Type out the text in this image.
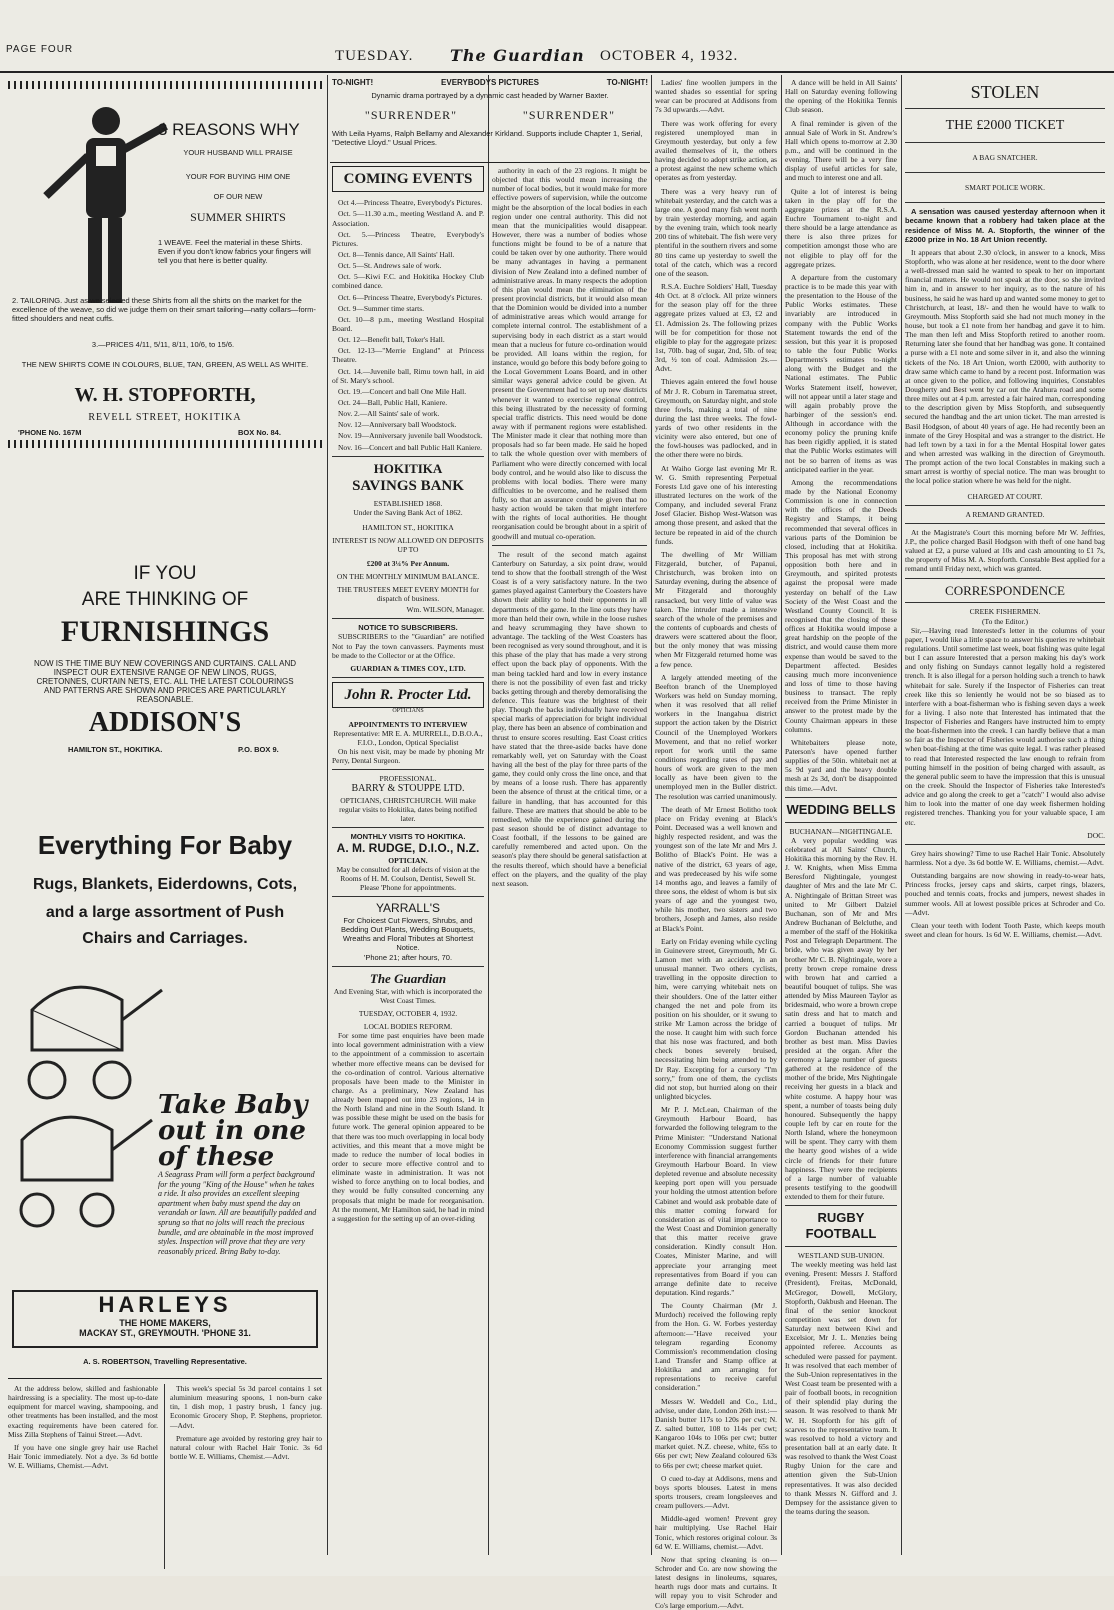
PAGE FOUR	TUESDAY. The Guardian OCTOBER 4, 1932.
3 REASONS WHY
YOUR HUSBAND WILL PRAISE
YOUR FOR BUYING HIM ONE
OF OUR NEW
SUMMER SHIRTS
1 WEAVE. Feel the material in these Shirts. Even if you don't know fabrics your fingers will tell you that here is better quality.
2. TAILORING. Just as we selected these Shirts from all the shirts on the market for the excellence of the weave, so did we judge them on their smart tailoring—natty collars—form-fitted shoulders and neat cuffs.
3.—PRICES 4/11, 5/11, 8/11, 10/6, to 15/6.
THE NEW SHIRTS COME IN COLOURS, BLUE, TAN, GREEN, AS WELL AS WHITE.
W. H. STOPFORTH,
REVELL STREET, HOKITIKA
'PHONE No. 167M	BOX No. 84.
IF YOU
ARE THINKING OF
FURNISHINGS
NOW IS THE TIME BUY NEW COVERINGS AND CURTAINS. CALL AND INSPECT OUR EXTENSIVE RANGE OF NEW LINOS, RUGS, CRETONNES, CURTAIN NETS, ETC. ALL THE LATEST COLOURINGS AND PATTERNS ARE SHOWN AND PRICES ARE PARTICULARLY REASONABLE.
ADDISON'S
HAMILTON ST., HOKITIKA.	P.O. BOX 9.
Everything For Baby
Rugs, Blankets, Eiderdowns, Cots,
and a large assortment of Push
Chairs and Carriages.
Take Baby out in one of these
A Seagrass Pram will form a perfect background for the young "King of the House" when he takes a ride. It also provides an excellent sleeping apartment when baby must spend the day on verandah or lawn. All are beautifully padded and sprung so that no jolts will reach the precious bundle, and are obtainable in the most improved styles. Inspection will prove that they are very reasonably priced. Bring Baby to-day.
HARLEYS
THE HOME MAKERS,
MACKAY ST., GREYMOUTH. 'PHONE 31.
A. S. ROBERTSON, Travelling Representative.

At the address below, skilled and fashionable hairdressing is a speciality. The most up-to-date equipment for marcel waving, shampooing, and other treatments has been installed, and the most exacting requirements have been catered for. Miss Zilla Stephens of Tainui Street.—Advt.

If you have one single grey hair use Rachel Hair Tonic immediately. Not a dye. 3s 6d bottle W. E. Williams, Chemist.—Advt.

This week's special 5s 3d parcel contains 1 set aluminium measuring spoons, 1 non-burn cake tin, 1 dish mop, 1 pastry brush, 1 fancy jug. Economic Grocery Shop, P. Stephens, proprietor.—Advt.

Premature age avoided by restoring grey hair to natural colour with Rachel Hair Tonic. 3s 6d bottle W. E. Williams, Chemist.—Advt.

TO-NIGHT!	EVERYBODYS PICTURES	TO-NIGHT!
Dynamic drama portrayed by a dynamic cast headed by Warner Baxter.
"SURRENDER"	"SURRENDER"
With Leila Hyams, Ralph Bellamy and Alexander Kirkland. Supports include Chapter 1, Serial, "Detective Lloyd." Usual Prices.
COMING EVENTS

Oct 4.—Princess Theatre, Everybody's Pictures.

Oct. 5—11.30 a.m., meeting Westland A. and P. Association.

Oct. 5.—Princess Theatre, Everybody's Pictures.

Oct. 8—Tennis dance, All Saints' Hall.

Oct. 5—St. Andrews sale of work.

Oct. 5—Kiwi F.C. and Hokitika Hockey Club combined dance.

Oct. 6—Princess Theatre, Everybody's Pictures.

Oct. 9—Summer time starts.

Oct. 10—8 p.m., meeting Westland Hospital Board.

Oct. 12—Benefit ball, Toker's Hall.

Oct. 12-13—"Merrie England" at Princess Theatre.

Oct. 14.—Juvenile ball, Rimu town hall, in aid of St. Mary's school.

Oct. 19.—Concert and ball One Mile Hall.

Oct. 24—Ball, Public Hall, Kaniere.

Nov. 2.—All Saints' sale of work.

Nov. 12—Anniversary ball Woodstock.

Nov. 19—Anniversary juvenile ball Woodstock.

Nov. 16—Concert and ball Public Hall Kaniere.

HOKITIKA
SAVINGS BANK
ESTABLISHED 1868.
Under the Saving Bank Act of 1862.
HAMILTON ST., HOKITIKA
INTEREST IS NOW ALLOWED ON DEPOSITS UP TO
£200 at 3¼% Per Annum.
ON THE MONTHLY MINIMUM BALANCE.
THE TRUSTEES MEET EVERY MONTH for dispatch of business.
Wm. WILSON, Manager.
NOTICE TO SUBSCRIBERS.

SUBSCRIBERS to the "Guardian" are notified Not to Pay the town canvassers. Payments must be made to the Collector or at the Office.

GUARDIAN & TIMES COY., LTD.
John R. Procter Ltd.
OPTICIANS
APPOINTMENTS TO INTERVIEW
Representative: MR E. A. MURRELL, D.B.O.A., F.I.O., London, Optical Specialist

On his next visit, may be made by phoning Mr Perry, Dental Surgeon.

PROFESSIONAL.
BARRY & STOUPPE LTD.
OPTICIANS, CHRISTCHURCH. Will make regular visits to Hokitika, dates being notified later.
MONTHLY VISITS TO HOKITIKA.
A. M. RUDGE, D.I.O., N.Z.
OPTICIAN.
May be consulted for all defects of vision at the Rooms of H. M. Coulson, Dentist, Sewell St. Please 'Phone for appointments.
YARRALL'S
For Choicest Cut Flowers, Shrubs, and Bedding Out Plants, Wedding Bouquets, Wreaths and Floral Tributes at Shortest Notice.
'Phone 21; after hours, 70.
The Guardian
And Evening Star, with which is incorporated the West Coast Times.
TUESDAY, OCTOBER 4, 1932.
LOCAL BODIES REFORM.

For some time past enquiries have been made into local government administration with a view to the appointment of a commission to ascertain whether more effective means can be devised for the co-ordination of control. Various alternative proposals have been made to the Minister in charge. As a preliminary, New Zealand has already been mapped out into 23 regions, 14 in the North Island and nine in the South Island. It was possible these might be used on the basis for future work. The general opinion appeared to be that there was too much overlapping in local body activities, and this meant that a move might be made to reduce the number of local bodies in order to secure more effective control and to eliminate waste in administration. It was not wished to force anything on to local bodies, and they would be fully consulted concerning any proposals that might be made for reorganisation. At the moment, Mr Hamilton said, he had in mind a suggestion for the setting up of an over-riding

authority in each of the 23 regions. It might be objected that this would mean increasing the number of local bodies, but it would make for more effective powers of supervision, while the outcome might be the absorption of the local bodies in each region under one central authority. This did not mean that the municipalities would disappear. However, there was a number of bodies whose functions might be found to be of a nature that could be taken over by one authority. There would be many advantages in having a permanent division of New Zealand into a defined number of administrative areas. In many respects the adoption of this plan would mean the elimination of the present provincial districts, but it would also mean that the Dominion would be divided into a number of administrative areas which would arrange for complete internal control. The establishment of a supervising body in each district as a start would mean that a nucleus for future co-ordination would be provided. All loans within the region, for instance, would go before this body before going to the Local Government Loans Board, and in other similar ways general advice could be given. At present the Government had to set up new districts whenever it wanted to exercise regional control, this being illustrated by the necessity of forming special traffic districts. This need would be done away with if permanent regions were established. The Minister made it clear that nothing more than proposals had so far been made. He said he hoped to talk the whole question over with members of Parliament who were directly concerned with local body control, and he would also like to discuss the problems with local bodies. There were many difficulties to be overcome, and he realised them fully, so that an assurance could be given that no hasty action would be taken that might interfere with the rights of local authorities. He thought reorganisation could be brought about in a spirit of goodwill and mutual co-operation.

The result of the second match against Canterbury on Saturday, a six point draw, would tend to show that the football strength of the West Coast is of a very satisfactory nature. In the two games played against Canterbury the Coasters have shown their ability to hold their opponents in all departments of the game. In the line outs they have more than held their own, while in the loose rushes and heavy scrummaging they have shown to advantage. The tackling of the West Coasters has been recognised as very sound throughout, and it is this phase of the play that has made a very strong effect upon the back play of opponents. With the man being tackled hard and low in every instance there is not the possibility of even fast and tricky backs getting through and thereby demoralising the defence. This feature was the brightest of their play. Though the backs individually have received special marks of appreciation for bright individual play, there has been an absence of combination and thrust to ensure scores resulting. East Coast critics have stated that the three-aside backs have done remarkably well, yet on Saturday with the Coast having all the best of the play for three parts of the game, they could only cross the line once, and that by means of a loose rush. There has apparently been the absence of thrust at the critical time, or a failure in handling, that has accounted for this failure. These are matters that should be able to be remedied, while the experience gained during the past season should be of distinct advantage to Coast football, if the lessons to be gained are carefully remembered and acted upon. On the season's play there should be general satisfaction at the results thereof, which should have a beneficial effect on the players, and the quality of the play next season.

Ladies' fine woollen jumpers in the wanted shades so essential for spring wear can be procured at Addisons from 7s 3d upwards.—Advt.

There was work offering for every registered unemployed man in Greymouth yesterday, but only a few availed themselves of it, the others having decided to adopt strike action, as a protest against the new scheme which operates as from yesterday.

There was a very heavy run of whitebait yesterday, and the catch was a large one. A good many fish went north by train yesterday morning, and again by the evening train, which took nearly 200 tins of whitebait. The fish were very plentiful in the southern rivers and some 80 tins came up yesterday to swell the total of the catch, which was a record one of the season.

R.S.A. Euchre Soldiers' Hall, Tuesday 4th Oct. at 8 o'clock. All prize winners for the season play off for the three aggregate prizes valued at £3, £2 and £1. Admission 2s. The following prizes will be for competition for those not eligible to play for the aggregate prizes: 1st, 70lb. bag of sugar, 2nd, 5lb. of tea; 3rd, ½ ton of coal. Admission 2s.—Advt.

Thieves again entered the fowl house of Mr J. R. Coburn in Tarematua street, Greymouth, on Saturday night, and stole three fowls, making a total of nine during the last three weeks. The fowl-yards of two other residents in the vicinity were also entered, but one of the fowl-houses was padlocked, and in the other there were no birds.

At Waiho Gorge last evening Mr R. W. G. Smith representing Perpetual Forests Ltd gave one of his interesting illustrated lectures on the work of the Company, and included several Franz Josef Glacier. Bishop West-Watson was among those present, and asked that the lecture be repeated in aid of the church funds.

The dwelling of Mr William Fitzgerald, butcher, of Papanui, Christchurch, was broken into on Saturday evening, during the absence of Mr Fitzgerald and thoroughly ransacked, but very little of value was taken. The intruder made a intensive search of the whole of the premises and the contents of cupboards and chests of drawers were scattered about the floor, but the only money that was missing when Mr Fitzgerald returned home was a few pence.

A largely attended meeting of the Beefton branch of the Unemployed Workers was held on Sunday morning, when it was resolved that all relief workers in the Inangahua district support the action taken by the District Council of the Unemployed Workers Movement, and that no relief worker report for work until the same conditions regarding rates of pay and hours of work are given to the men locally as have been given to the unemployed men in the Buller district. The resolution was carried unanimously.

The death of Mr Ernest Bolitho took place on Friday evening at Black's Point. Deceased was a well known and highly respected resident, and was the youngest son of the late Mr and Mrs J. Bolitho of Black's Point. He was a native of the district, 63 years of age, and was predeceased by his wife some 14 months ago, and leaves a family of three sons, the eldest of whom is but six years of age and the youngest two, while his mother, two sisters and two brothers, Joseph and James, also reside at Black's Point.

Early on Friday evening while cycling in Guinevere street, Greymouth, Mr G. Lamon met with an accident, in an unusual manner. Two others cyclists, travelling in the opposite direction to him, were carrying whitebait nets on their shoulders. One of the latter either changed the net and pole from its position on his shoulder, or it swung to strike Mr Lamon across the bridge of the nose. It caught him with such force that his nose was fractured, and both check bones severely bruised, necessitating him being attended to by Dr Ray. Excepting for a cursory "I'm sorry," from one of them, the cyclists did not stop, but hurried along on their unlighted bicycles.

Mr P. J. McLean, Chairman of the Greymouth Harbour Board, has forwarded the following telegram to the Prime Minister: "Understand National Economy Commission suggest further interference with financial arrangements Greymouth Harbour Board. In view depleted revenue and absolute necessity keeping port open will you persuade your holding the utmost attention before Cabinet and would ask probable date of this matter coming forward for consideration as of vital importance to the West Coast and Dominion generally that this matter receive grave consideration. Kindly consult Hon. Coates, Minister Marine, and will appreciate your arranging meet representatives from Board if you can arrange definite date to receive deputation. Kind regards."

The County Chairman (Mr J. Murdoch) received the following reply from the Hon. G. W. Forbes yesterday afternoon:—"Have received your telegram regarding Economy Commission's recommendation closing Land Transfer and Stamp office at Hokitika and am arranging for representations to receive careful consideration."

Messrs W. Weddell and Co., Ltd., advise, under date, London 26th inst.:—Danish butter 117s to 120s per cwt; N. Z. salted butter, 108 to 114s per cwt; Kangaroo 104s to 106s per cwt; butter market quiet. N.Z. cheese, white, 65s to 66s per cwt; New Zealand coloured 63s to 66s per cwt; cheese market quiet.

O cued to-day at Addisons, mens and boys sports blouses. Latest in mens sports trousers, cream longsleeves and cream pullovers.—Advt.

Middle-aged women! Prevent grey hair multiplying. Use Rachel Hair Tonic, which restores original colour. 3s 6d W. E. Williams, chemist.—Advt.

Now that spring cleaning is on—Schroder and Co. are now showing the latest designs in linoleums, squares, hearth rugs door mats and curtains. It will repay you to visit Schroder and Co's large emporium.—Advt.

A dance will be held in All Saints' Hall on Saturday evening following the opening of the Hokitika Tennis Club season.

A final reminder is given of the annual Sale of Work in St. Andrew's Hall which opens to-morrow at 2.30 p.m., and will be continued in the evening. There will be a very fine display of useful articles for sale, and much to interest one and all.

Quite a lot of interest is being taken in the play off for the aggregate prizes at the R.S.A. Euchre Tournament to-night and there should be a large attendance as there is also three prizes for competition amongst those who are not eligible to play off for the aggregate prizes.

A departure from the customary practice is to be made this year with the presentation to the House of the Public Works estimates. These invariably are introduced in company with the Public Works Statement towards the end of the session, but this year it is proposed to table the four Public Works Departments's estimates to-night along with the Budget and the National estimates. The Public Works Statement itself, however, will not appear until a later stage and will again probably prove the harbinger of the session's end. Although in accordance with the economy policy the pruning knife has been rigidly applied, it is stated that the Public Works estimates will not be so barren of items as was anticipated earlier in the year.

Among the recommendations made by the National Economy Commission is one in connection with the offices of the Deeds Registry and Stamps, it being recommended that several offices in various parts of the Dominion be closed, including that at Hokitika. This proposal has met with strong opposition both here and in Greymouth, and spirited protests against the proposal were made yesterday on behalf of the Law Society of the West Coast and the Westland County Council. It is recognised that the closing of these offices at Hokitika would impose a great hardship on the people of the district, and would cause them more expense than would be saved to the Department affected. Besides causing much more inconvenience and loss of time to those having business to transact. The reply received from the Prime Minister in answer to the protest made by the County Chairman appears in these columns.

Whitebaiters please note, Paterson's have opened further supplies of the 50in. whitebait net at 5s 9d yard and the heavy double mesh at 2s 3d, don't be disappointed this time.—Advt.

WEDDING BELLS
BUCHANAN—NIGHTINGALE.

A very popular wedding was celebrated at All Saints' Church, Hokitika this morning by the Rev. H. J. W. Knights, when Miss Emma Beresford Nightingale, youngest daughter of Mrs and the late Mr C. A. Nightingale of Brittan Street was united to Mr Gilbert Dalziel Buchanan, son of Mr and Mrs Andrew Buchanan of Belcluthe, and a member of the staff of the Hokitika Post and Telegraph Department. The bride, who was given away by her brother Mr C. B. Nightingale, wore a pretty brown crepe romaine dress with brown hat and carried a beautiful bouquet of tulips. She was attended by Miss Maureen Taylor as bridesmaid, who wore a brown crepe satin dress and hat to match and carried a bouquet of tulips. Mr Gordon Buchanan attended his brother as best man. Miss Davies presided at the organ. After the ceremony a large number of guests gathered at the residence of the mother of the bride, Mrs Nightingale receiving her guests in a black and white costume. A happy hour was spent, a number of toasts being duly honoured. Subsequently the happy couple left by car en route for the North Island, where the honeymoon will be spent. They carry with them the hearty good wishes of a wide circle of friends for their future happiness. They were the recipients of a large number of valuable presents testifying to the goodwill extended to them for their future.

RUGBY FOOTBALL
WESTLAND SUB-UNION.

The weekly meeting was held last evening. Present: Messrs J. Stafford (President), Freitas, McDonald, McGregor, Dowell, McGlory, Stopforth, Oakbush and Heenan. The final of the senior knockout competition was set down for Saturday next between Kiwi and Excelsior, Mr J. L. Menzies being appointed referee. Accounts as scheduled were passed for payment. It was resolved that each member of the Sub-Union representatives in the West Coast team be presented with a pair of football boots, in recognition of their splendid play during the season. It was resolved to thank Mr W. H. Stopforth for his gift of scarves to the representative team. It was resolved to hold a victory and presentation ball at an early date. It was resolved to thank the West Coast Rugby Union for the care and attention given the Sub-Union representatives. It was also decided to thank Messrs N. Gifford and J. Dempsey for the assistance given to the teams during the season.

STOLEN
THE £2000 TICKET
A BAG SNATCHER.
SMART POLICE WORK.

A sensation was caused yesterday afternoon when it became known that a robbery had taken place at the residence of Miss M. A. Stopforth, the winner of the £2000 prize in No. 18 Art Union recently.

It appears that about 2.30 o'clock, in answer to a knock, Miss Stopforth, who was alone at her residence, went to the door where a well-dressed man said he wanted to speak to her on important financial matters. He would not speak at the door, so she invited him in, and in answer to her inquiry, as to the nature of his business, he said he was hard up and wanted some money to get to Christchurch, at least, 18/- and then he would have to walk to Greymouth. Miss Stopforth said she had not much money in the house, but took a £1 note from her handbag and gave it to him. The man then left and Miss Stopforth retired to another room. Returning later she found that her handbag was gone. It contained a purse with a £1 note and some silver in it, and also the winning tickets of the No. 18 Art Union, worth £2000, with authority to draw same which came to hand by a recent post. Information was at once given to the police, and following inquiries, Constables Dougherty and Best went by car out the Arahura road and some three miles out at 4 p.m. arrested a fair haired man, corresponding to the description given by Miss Stopforth, and subsequently secured the handbag and the art union ticket. The man arrested is Basil Hodgson, of about 40 years of age. He had recently been an inmate of the Grey Hospital and was a stranger to the district. He had left town by a taxi in for a the Mental Hospital lower gates and when arrested was walking in the direction of Greymouth. The prompt action of the two local Constables in making such a smart arrest is worthy of special notice. The man was brought to the local police station where he was held for the night.

CHARGED AT COURT.
A REMAND GRANTED.

At the Magistrate's Court this morning before Mr W. Jeffries, J.P., the police charged Basil Hodgson with theft of one hand bag valued at £2, a purse valued at 10s and cash amounting to £1 7s, the property of Miss M. A. Stopforth. Constable Best applied for a remand until Friday next, which was granted.

CORRESPONDENCE
CREEK FISHERMEN.
(To the Editor.)

Sir,—Having read Interested's letter in the columns of your paper, I would like a little space to answer his queries re whitebait regulations. Until sometime last week, boat fishing was quite legal but I can assure Interested that a person making his day's work and only fishing on Sundays cannot legally hold a registered trench. It is also illegal for a person holding such a trench to hawk whitebait for sale. Surely if the Inspector of Fisheries can treat creek like this so leniently he would not be so biased as to interfere with a boat-fisherman who is fishing seven days a week for a living. I also note that Interested has intimated that the Inspector of Fisheries and Rangers have instructed him to empty the boat-fishermen into the creek. I can hardly believe that a man so fair as the Inspector of Fisheries would authorise such a thing when boat-fishing at the time was quite legal. I was rather pleased to read that Interested respected the law enough to refrain from putting himself in the position of being charged with assault, as the general public seem to have the impression that this is unusual on the creek. Should the Inspector of Fisheries take Interested's advice and go along the creek to get a "catch" I would also advise him to look into the matter of one day week fishermen holding registered trenches. Thanking you for your valuable space, I am etc.

DOC.

Grey hairs showing? Time to use Rachel Hair Tonic. Absolutely harmless. Not a dye. 3s 6d bottle W. E. Williams, chemist.—Advt.

Outstanding bargains are now showing in ready-to-wear hats, Princess frocks, jersey caps and skirts, carpet rings, blazers, pouched and tennis coats, frocks and jumpers, newest shades in summer wools. All at lowest possible prices at Schroder and Co.—Advt.

Clean your teeth with Iodent Tooth Paste, which keeps mouth sweet and clean for hours. 1s 6d W. E. Williams, chemist.—Advt.
